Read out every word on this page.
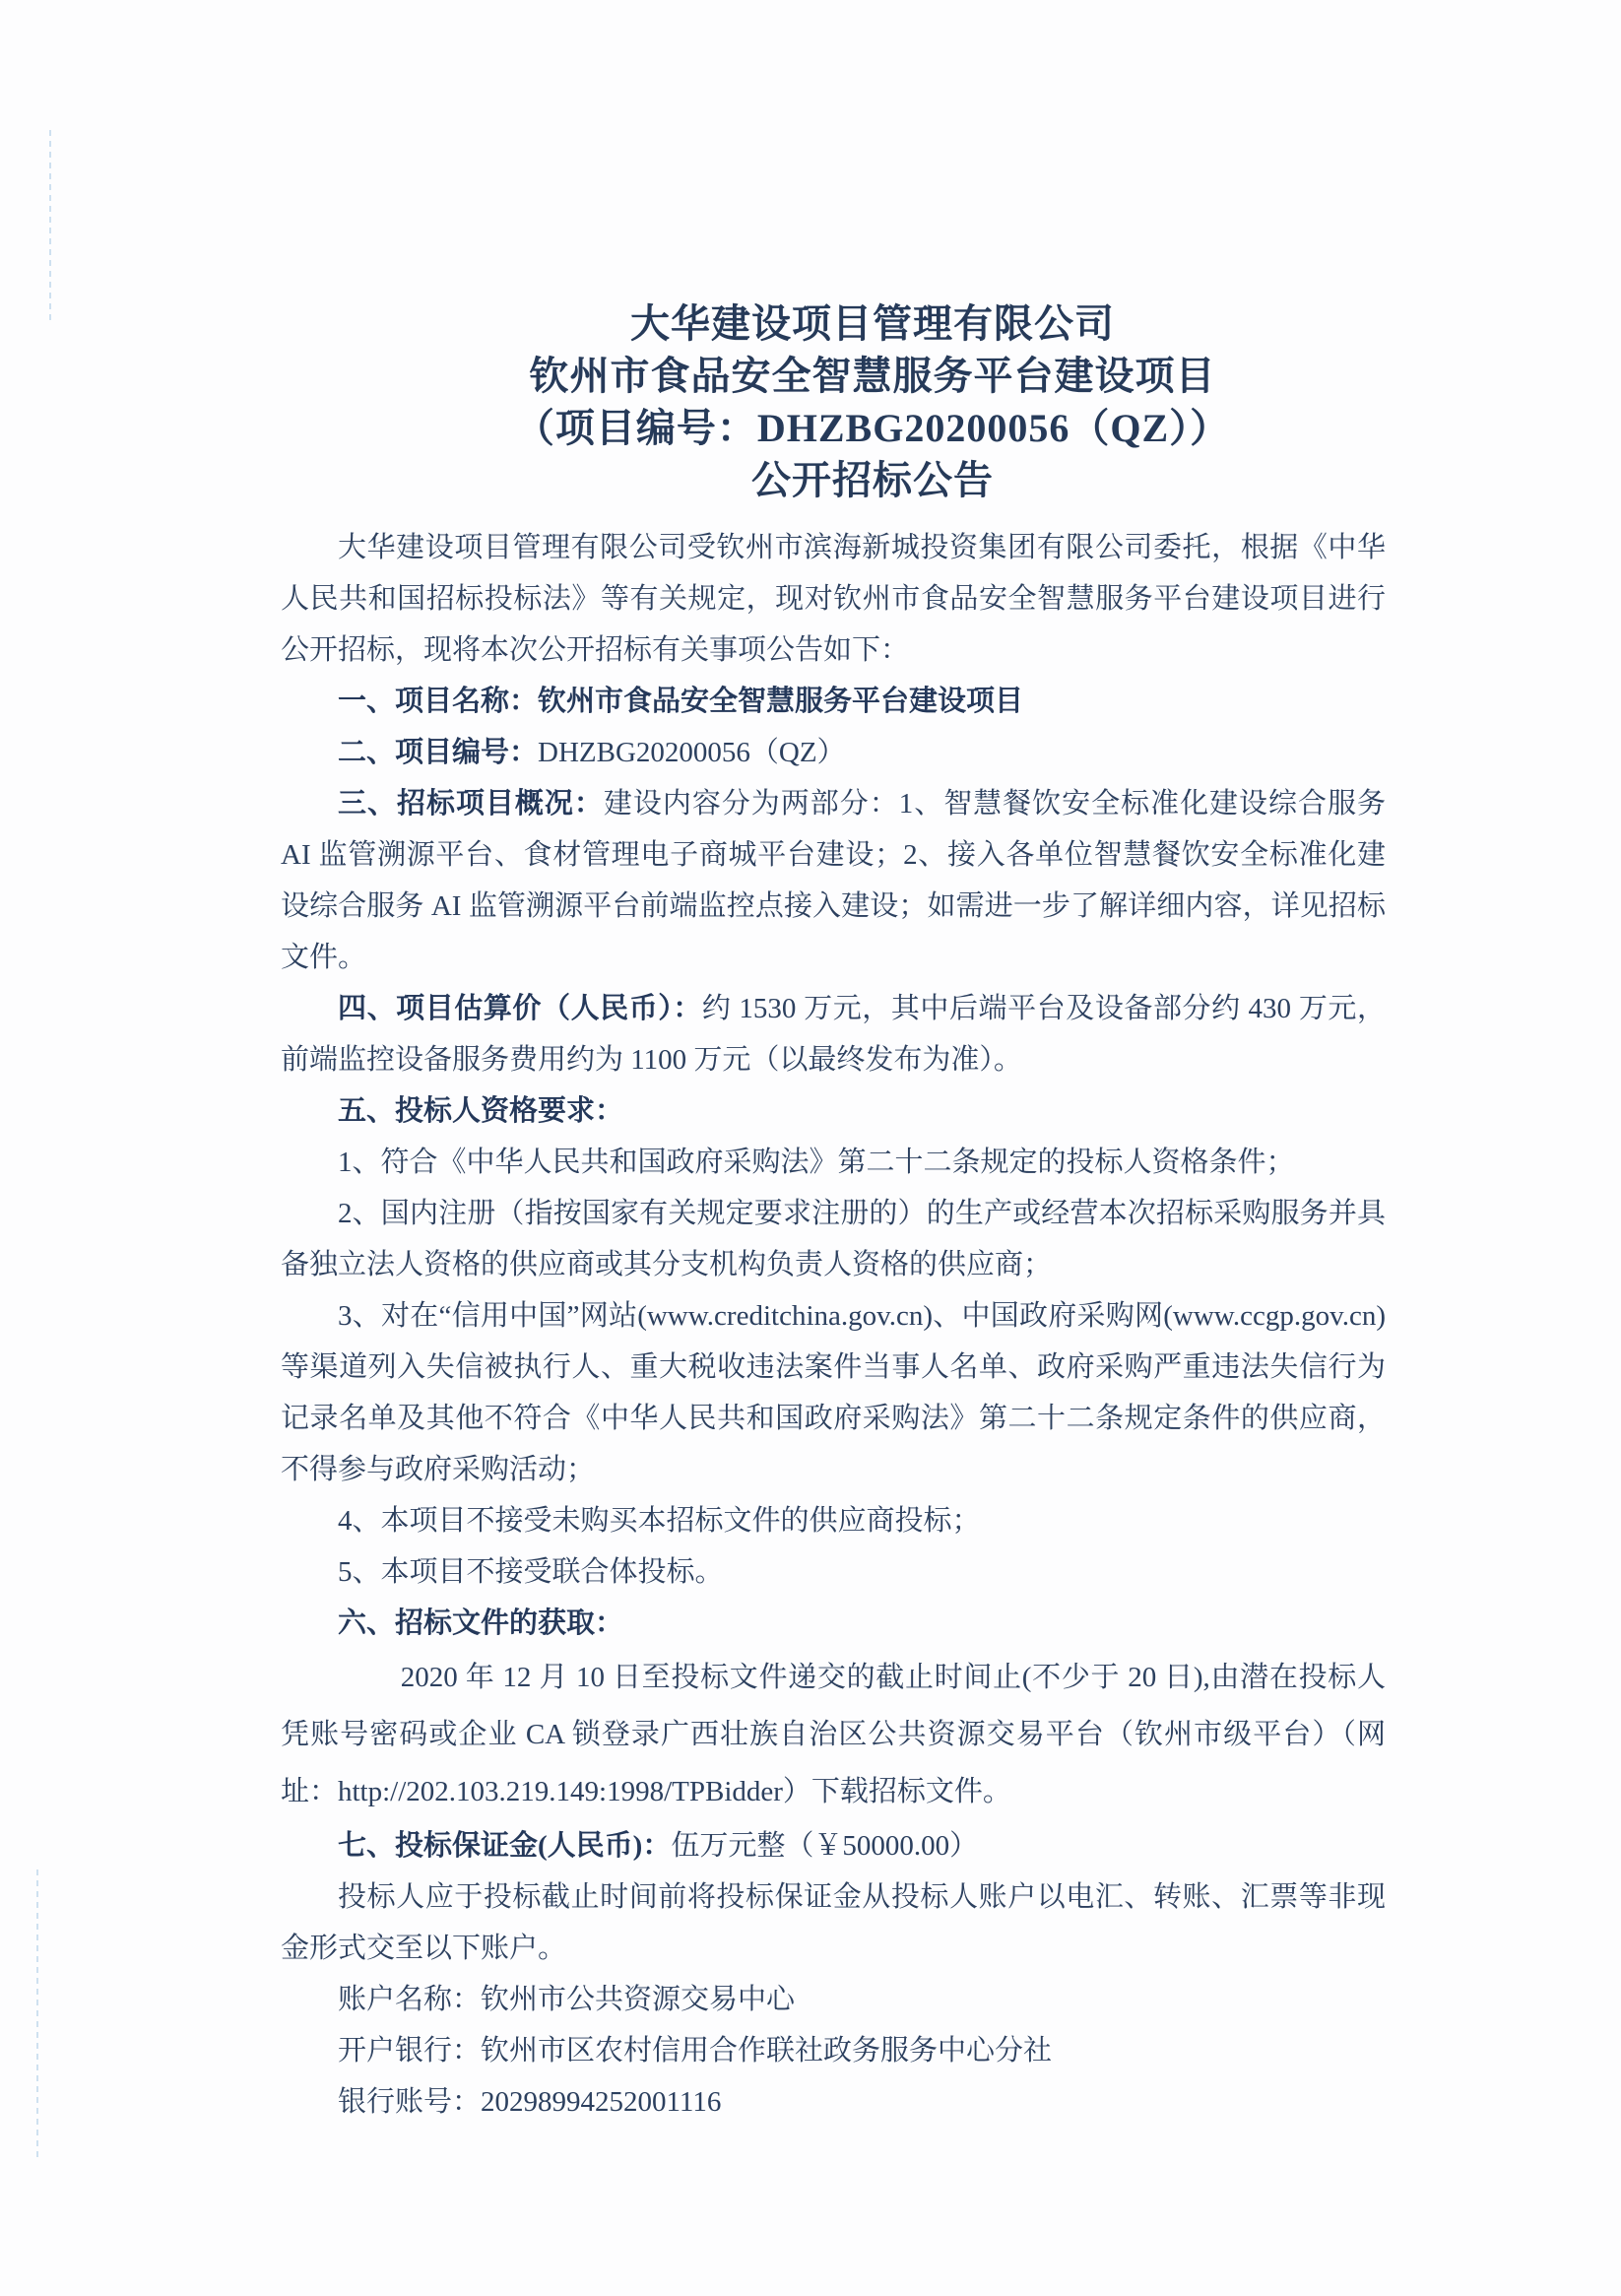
大华建设项目管理有限公司
钦州市食品安全智慧服务平台建设项目
（项目编号：DHZBG20200056（QZ））
公开招标公告

大华建设项目管理有限公司受钦州市滨海新城投资集团有限公司委托，根据《中华人民共和国招标投标法》等有关规定，现对钦州市食品安全智慧服务平台建设项目进行公开招标，现将本次公开招标有关事项公告如下：

一、项目名称：钦州市食品安全智慧服务平台建设项目

二、项目编号：DHZBG20200056（QZ）

三、招标项目概况：建设内容分为两部分：1、智慧餐饮安全标准化建设综合服务 AI 监管溯源平台、食材管理电子商城平台建设；2、接入各单位智慧餐饮安全标准化建设综合服务 AI 监管溯源平台前端监控点接入建设；如需进一步了解详细内容，详见招标文件。

四、项目估算价（人民币）：约 1530 万元，其中后端平台及设备部分约 430 万元，前端监控设备服务费用约为 1100 万元（以最终发布为准）。

五、投标人资格要求：

1、符合《中华人民共和国政府采购法》第二十二条规定的投标人资格条件；

2、国内注册（指按国家有关规定要求注册的）的生产或经营本次招标采购服务并具备独立法人资格的供应商或其分支机构负责人资格的供应商；

3、对在“信用中国”网站(www.creditchina.gov.cn)、中国政府采购网(www.ccgp.gov.cn)等渠道列入失信被执行人、重大税收违法案件当事人名单、政府采购严重违法失信行为记录名单及其他不符合《中华人民共和国政府采购法》第二十二条规定条件的供应商，不得参与政府采购活动；

4、本项目不接受未购买本招标文件的供应商投标；

5、本项目不接受联合体投标。

六、招标文件的获取：

2020 年 12 月 10 日至投标文件递交的截止时间止(不少于 20 日),由潜在投标人凭账号密码或企业 CA 锁登录广西壮族自治区公共资源交易平台（钦州市级平台）（网址：http://202.103.219.149:1998/TPBidder）下载招标文件。

七、投标保证金(人民币)：伍万元整（￥50000.00）

投标人应于投标截止时间前将投标保证金从投标人账户以电汇、转账、汇票等非现金形式交至以下账户。

账户名称：钦州市公共资源交易中心

开户银行：钦州市区农村信用合作联社政务服务中心分社

银行账号：20298994252001116
